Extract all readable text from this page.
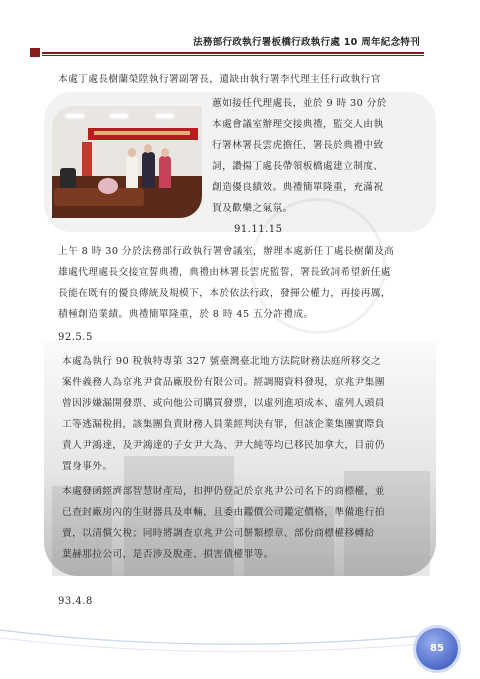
法務部行政執行署板橋行政執行處 10 周年紀念特刊
本處丁處長樹蘭榮陞執行署副署長，遺缺由執行署李代理主任行政執行官
蕙如接任代理處長，並於 9 時 30 分於
本處會議室辦理交接典禮，監交人由執
行署林署長雲虎擔任，署長於典禮中致
詞，讚揚丁處長帶領板橋處建立制度、
創造優良績效。典禮簡單隆重，充滿祝
賀及歡樂之氣氛。
91.11.15
上午 8 時 30 分於法務部行政執行署會議室，辦理本處新任丁處長樹蘭及高
雄處代理處長交接宣誓典禮，典禮由林署長雲虎監誓，署長致詞希望新任處
長能在既有的優良傳統及規模下，本於依法行政，發揮公權力，再接再厲，
積極創造業績。典禮簡單隆重，於 8 時 45 五分許禮成。
92.5.5
本處為執行 90 稅執特專第 327 號臺灣臺北地方法院財務法庭所移交之
案件義務人為京兆尹食品廠股份有限公司。經調閱資料發現，京兆尹集團
曾因涉嫌漏開發票、或向他公司購買發票，以虛列進項成本、虛列人頭員
工等逃漏稅捐，該集團負責財務人員業經判決有罪，但該企業集團實際負
責人尹鴻達，及尹鴻達的子女尹大為、尹大純等均已移民加拿大，目前仍
置身事外。
本處發函經濟部智慧財產局，扣押仍登記於京兆尹公司名下的商標權，並
已查封廠房內的生財器具及車輛，且委由鑑價公司鑑定價格，準備進行拍
賣，以清償欠稅；同時將調查京兆尹公司餅類標章、部份商標權移轉給
葉赫那拉公司，是否涉及脫產、損害債權罪等。
93.4.8
85
